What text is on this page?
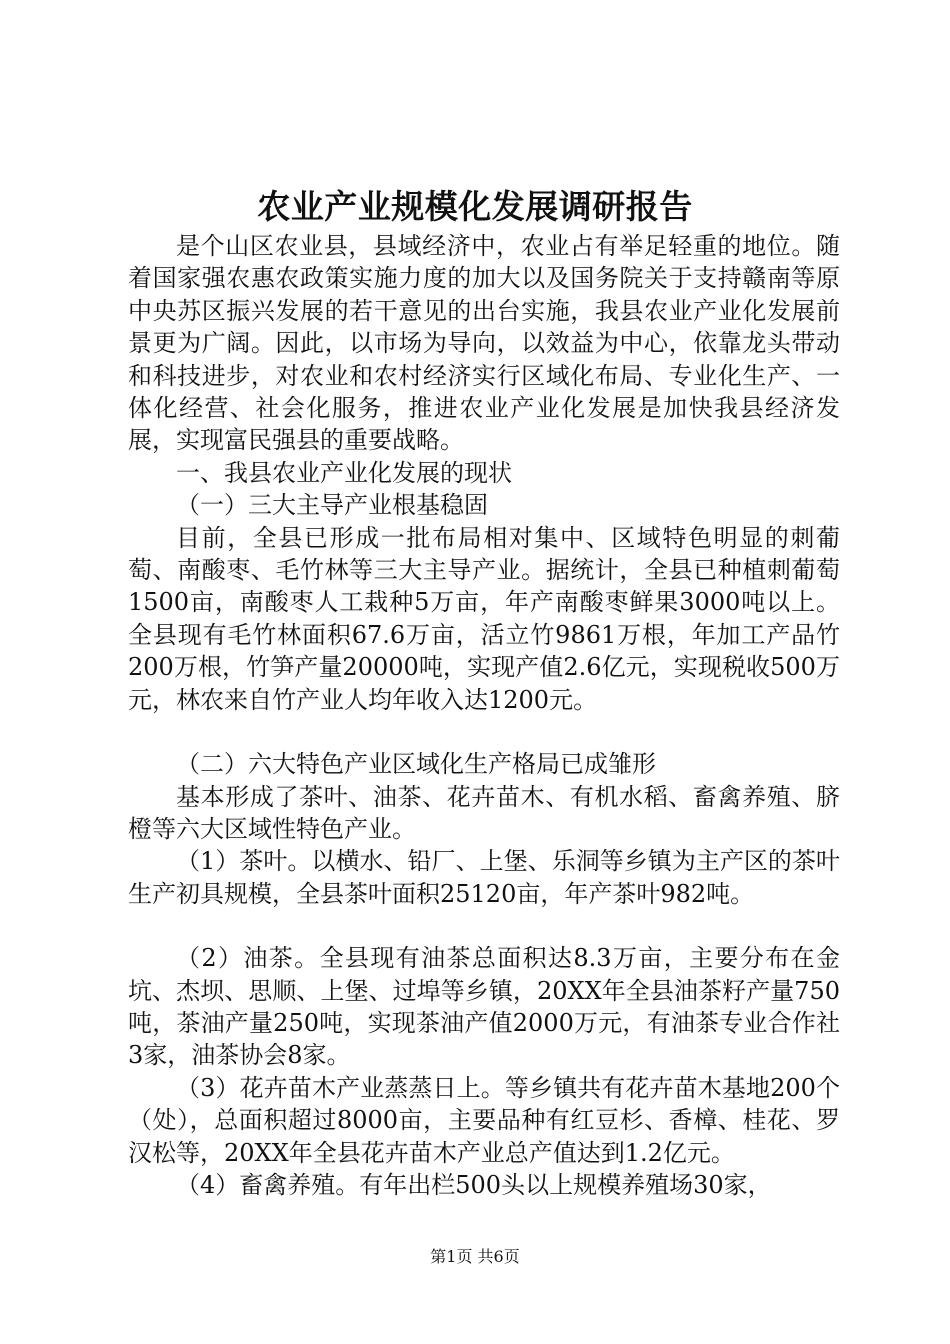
农业产业规模化发展调研报告

是个山区农业县，县域经济中，农业占有举足轻重的地位。随着国家强农惠农政策实施力度的加大以及国务院关于支持赣南等原中央苏区振兴发展的若干意见的出台实施，我县农业产业化发展前景更为广阔。因此，以市场为导向，以效益为中心，依靠龙头带动和科技进步，对农业和农村经济实行区域化布局、专业化生产、一体化经营、社会化服务，推进农业产业化发展是加快我县经济发展，实现富民强县的重要战略。

一、我县农业产业化发展的现状

（一）三大主导产业根基稳固

目前，全县已形成一批布局相对集中、区域特色明显的刺葡萄、南酸枣、毛竹林等三大主导产业。据统计，全县已种植刺葡萄1500亩，南酸枣人工栽种5万亩，年产南酸枣鲜果3000吨以上。全县现有毛竹林面积67.6万亩，活立竹9861万根，年加工产品竹200万根，竹笋产量20000吨，实现产值2.6亿元，实现税收500万元，林农来自竹产业人均年收入达1200元。

（二）六大特色产业区域化生产格局已成雏形

基本形成了茶叶、油茶、花卉苗木、有机水稻、畜禽养殖、脐橙等六大区域性特色产业。

（1）茶叶。以横水、铅厂、上堡、乐洞等乡镇为主产区的茶叶生产初具规模，全县茶叶面积25120亩，年产茶叶982吨。

（2）油茶。全县现有油茶总面积达8.3万亩，主要分布在金坑、杰坝、思顺、上堡、过埠等乡镇，20XX年全县油茶籽产量750吨，茶油产量250吨，实现茶油产值2000万元，有油茶专业合作社3家，油茶协会8家。

（3）花卉苗木产业蒸蒸日上。等乡镇共有花卉苗木基地200个（处），总面积超过8000亩，主要品种有红豆杉、香樟、桂花、罗汉松等，20XX年全县花卉苗木产业总产值达到1.2亿元。

（4）畜禽养殖。有年出栏500头以上规模养殖场30家，

第1页 共6页
